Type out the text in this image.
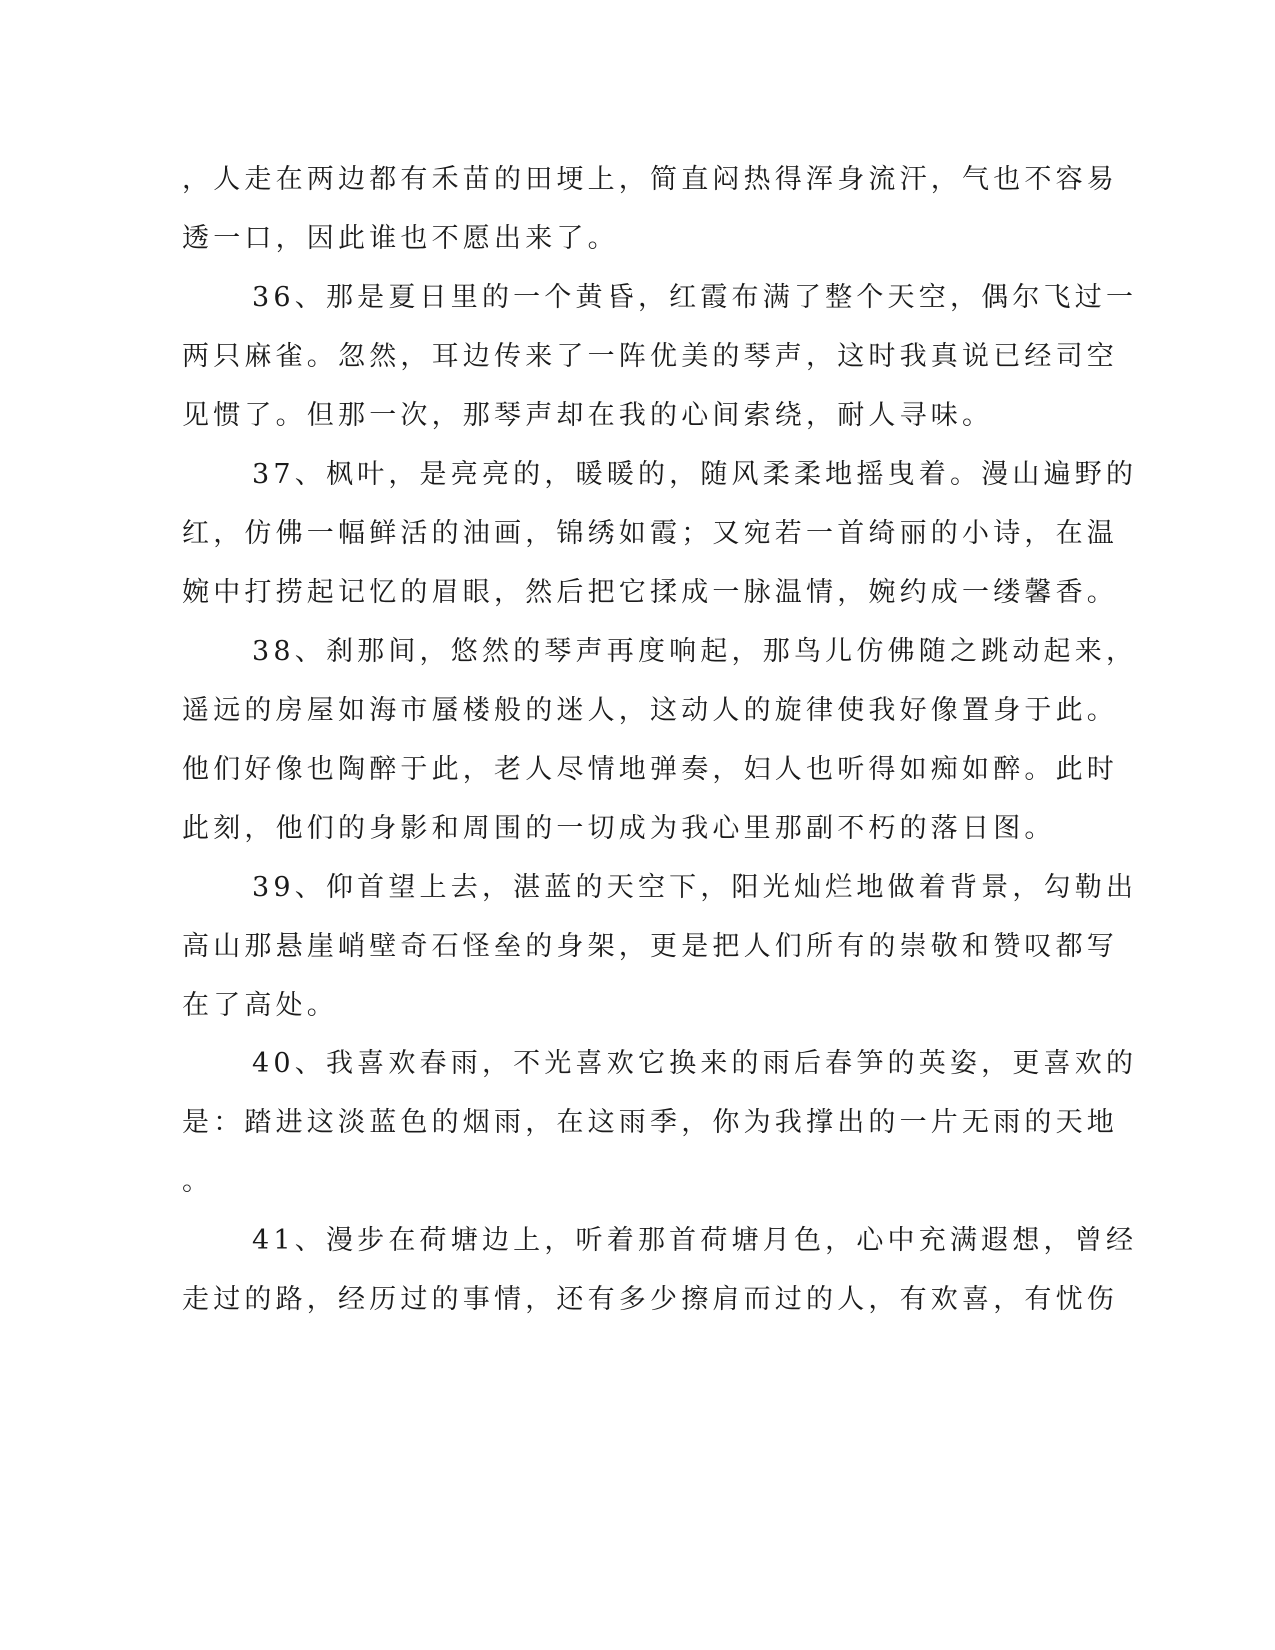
，人走在两边都有禾苗的田埂上，简直闷热得浑身流汗，气也不容易
透一口，因此谁也不愿出来了。
36、那是夏日里的一个黄昏，红霞布满了整个天空，偶尔飞过一
两只麻雀。忽然，耳边传来了一阵优美的琴声，这时我真说已经司空
见惯了。但那一次，那琴声却在我的心间索绕，耐人寻味。
37、枫叶，是亮亮的，暖暖的，随风柔柔地摇曳着。漫山遍野的
红，仿佛一幅鲜活的油画，锦绣如霞；又宛若一首绮丽的小诗，在温
婉中打捞起记忆的眉眼，然后把它揉成一脉温情，婉约成一缕馨香。
38、刹那间，悠然的琴声再度响起，那鸟儿仿佛随之跳动起来，
遥远的房屋如海市蜃楼般的迷人，这动人的旋律使我好像置身于此。
他们好像也陶醉于此，老人尽情地弹奏，妇人也听得如痴如醉。此时
此刻，他们的身影和周围的一切成为我心里那副不朽的落日图。
39、仰首望上去，湛蓝的天空下，阳光灿烂地做着背景，勾勒出
高山那悬崖峭壁奇石怪垒的身架，更是把人们所有的崇敬和赞叹都写
在了高处。
40、我喜欢春雨，不光喜欢它换来的雨后春笋的英姿，更喜欢的
是：踏进这淡蓝色的烟雨，在这雨季，你为我撑出的一片无雨的天地
。
41、漫步在荷塘边上，听着那首荷塘月色，心中充满遐想，曾经
走过的路，经历过的事情，还有多少擦肩而过的人，有欢喜，有忧伤
